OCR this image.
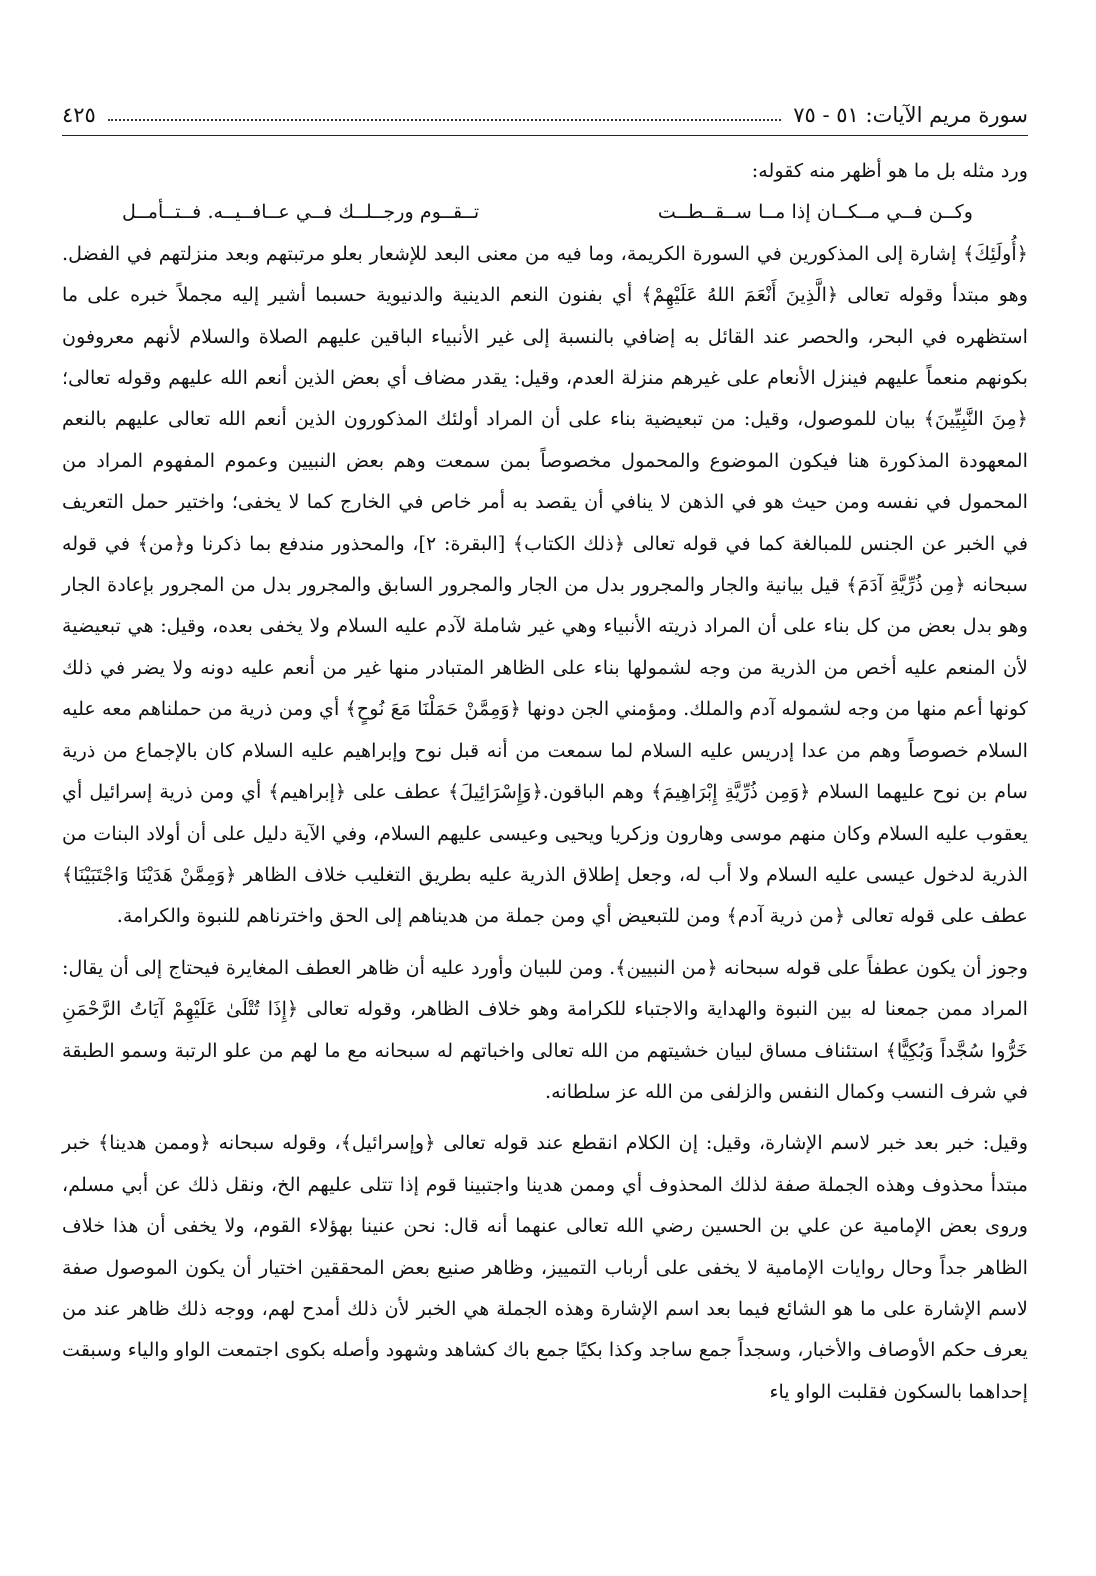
سورة مريم الآيات: ٥١ - ٧٥
٤٢٥

ورد مثله بل ما هو أظهر منه كقوله:

وكــن فــي مــكــان إذا مــا ســقــطــت
تــقــوم ورجــلــك فــي عــافــيــه. فــتــأمــل

﴿أُولَئِكَ﴾ إشارة إلى المذكورين في السورة الكريمة، وما فيه من معنى البعد للإشعار بعلو مرتبتهم وبعد منزلتهم في الفضل. وهو مبتدأ وقوله تعالى ﴿الَّذِينَ أَنْعَمَ اللهُ عَلَيْهِمْ﴾ أي بفنون النعم الدينية والدنيوية حسبما أشير إليه مجملاً خبره على ما استظهره في البحر، والحصر عند القائل به إضافي بالنسبة إلى غير الأنبياء الباقين عليهم الصلاة والسلام لأنهم معروفون بكونهم منعماً عليهم فينزل الأنعام على غيرهم منزلة العدم، وقيل: يقدر مضاف أي بعض الذين أنعم الله عليهم وقوله تعالى؛ ﴿مِنَ النَّبِيِّينَ﴾ بيان للموصول، وقيل: من تبعيضية بناء على أن المراد أولئك المذكورون الذين أنعم الله تعالى عليهم بالنعم المعهودة المذكورة هنا فيكون الموضوع والمحمول مخصوصاً بمن سمعت وهم بعض النبيين وعموم المفهوم المراد من المحمول في نفسه ومن حيث هو في الذهن لا ينافي أن يقصد به أمر خاص في الخارج كما لا يخفى؛ واختير حمل التعريف في الخبر عن الجنس للمبالغة كما في قوله تعالى ﴿ذلك الكتاب﴾ [البقرة: ٢]، والمحذور مندفع بما ذكرنا و﴿من﴾ في قوله سبحانه ﴿مِن ذُرِّيَّةِ آدَمَ﴾ قيل بيانية والجار والمجرور بدل من الجار والمجرور السابق والمجرور بدل من المجرور بإعادة الجار وهو بدل بعض من كل بناء على أن المراد ذريته الأنبياء وهي غير شاملة لآدم عليه السلام ولا يخفى بعده، وقيل: هي تبعيضية لأن المنعم عليه أخص من الذرية من وجه لشمولها بناء على الظاهر المتبادر منها غير من أنعم عليه دونه ولا يضر في ذلك كونها أعم منها من وجه لشموله آدم والملك. ومؤمني الجن دونها ﴿وَمِمَّنْ حَمَلْنَا مَعَ نُوحٍ﴾ أي ومن ذرية من حملناهم معه عليه السلام خصوصاً وهم من عدا إدريس عليه السلام لما سمعت من أنه قبل نوح وإبراهيم عليه السلام كان بالإجماع من ذرية سام بن نوح عليهما السلام ﴿وَمِن ذُرِّيَّةِ إِبْرَاهِيمَ﴾ وهم الباقون.﴿وَإِسْرَائِيلَ﴾ عطف على ﴿إبراهيم﴾ أي ومن ذرية إسرائيل أي يعقوب عليه السلام وكان منهم موسى وهارون وزكريا ويحيى وعيسى عليهم السلام، وفي الآية دليل على أن أولاد البنات من الذرية لدخول عيسى عليه السلام ولا أب له، وجعل إطلاق الذرية عليه بطريق التغليب خلاف الظاهر ﴿وَمِمَّنْ هَدَيْنَا وَاجْتَبَيْنَا﴾ عطف على قوله تعالى ﴿من ذرية آدم﴾ ومن للتبعيض أي ومن جملة من هديناهم إلى الحق واخترناهم للنبوة والكرامة.

وجوز أن يكون عطفاً على قوله سبحانه ﴿من النبيين﴾. ومن للبيان وأورد عليه أن ظاهر العطف المغايرة فيحتاج إلى أن يقال: المراد ممن جمعنا له بين النبوة والهداية والاجتباء للكرامة وهو خلاف الظاهر، وقوله تعالى ﴿إِذَا تُتْلَىٰ عَلَيْهِمْ آيَاتُ الرَّحْمَنِ خَرُّوا سُجَّداً وَبُكِيًّا﴾ استئناف مساق لبيان خشيتهم من الله تعالى واخباتهم له سبحانه مع ما لهم من علو الرتبة وسمو الطبقة في شرف النسب وكمال النفس والزلفى من الله عز سلطانه.

وقيل: خبر بعد خبر لاسم الإشارة، وقيل: إن الكلام انقطع عند قوله تعالى ﴿وإسرائيل﴾، وقوله سبحانه ﴿وممن هدينا﴾ خبر مبتدأ محذوف وهذه الجملة صفة لذلك المحذوف أي وممن هدينا واجتبينا قوم إذا تتلى عليهم الخ، ونقل ذلك عن أبي مسلم، وروى بعض الإمامية عن علي بن الحسين رضي الله تعالى عنهما أنه قال: نحن عنينا بهؤلاء القوم، ولا يخفى أن هذا خلاف الظاهر جداً وحال روايات الإمامية لا يخفى على أرباب التمييز، وظاهر صنيع بعض المحققين اختيار أن يكون الموصول صفة لاسم الإشارة على ما هو الشائع فيما بعد اسم الإشارة وهذه الجملة هي الخبر لأن ذلك أمدح لهم، ووجه ذلك ظاهر عند من يعرف حكم الأوصاف والأخبار، وسجداً جمع ساجد وكذا بكيًا جمع باك كشاهد وشهود وأصله بكوى اجتمعت الواو والياء وسبقت إحداهما بالسكون فقلبت الواو ياء
